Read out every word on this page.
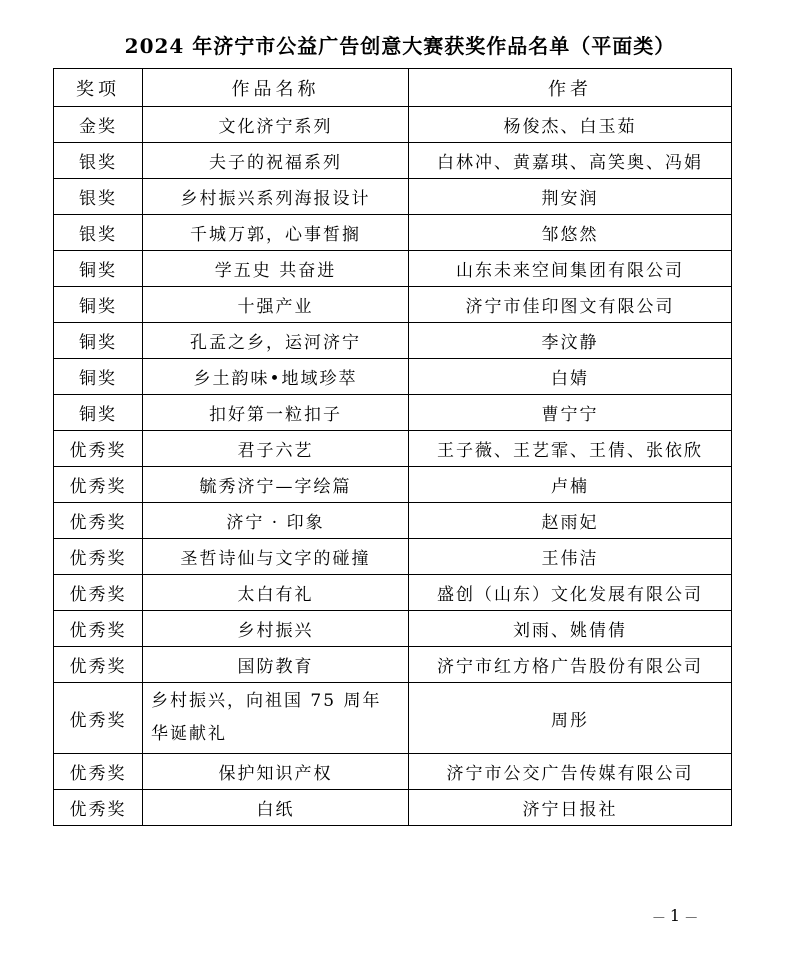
2024 年济宁市公益广告创意大赛获奖作品名单（平面类）
奖项	作品名称	作者
金奖	文化济宁系列	杨俊杰、白玉茹
银奖	夫子的祝福系列	白林冲、黄嘉琪、高笑奥、冯娟
银奖	乡村振兴系列海报设计	荆安润
银奖	千城万郭，心事皙搁	邹悠然
铜奖	学五史 共奋进	山东未来空间集团有限公司
铜奖	十强产业	济宁市佳印图文有限公司
铜奖	孔孟之乡，运河济宁	李汶静
铜奖	乡土韵味•地域珍萃	白婧
铜奖	扣好第一粒扣子	曹宁宁
优秀奖	君子六艺	王子薇、王艺霏、王倩、张依欣
优秀奖	毓秀济宁—字绘篇	卢楠
优秀奖	济宁 · 印象	赵雨妃
优秀奖	圣哲诗仙与文字的碰撞	王伟洁
优秀奖	太白有礼	盛创（山东）文化发展有限公司
优秀奖	乡村振兴	刘雨、姚倩倩
优秀奖	国防教育	济宁市红方格广告股份有限公司
优秀奖	乡村振兴，向祖国 75 周年华诞献礼	周彤
优秀奖	保护知识产权	济宁市公交广告传媒有限公司
优秀奖	白纸	济宁日报社
— 1 —
